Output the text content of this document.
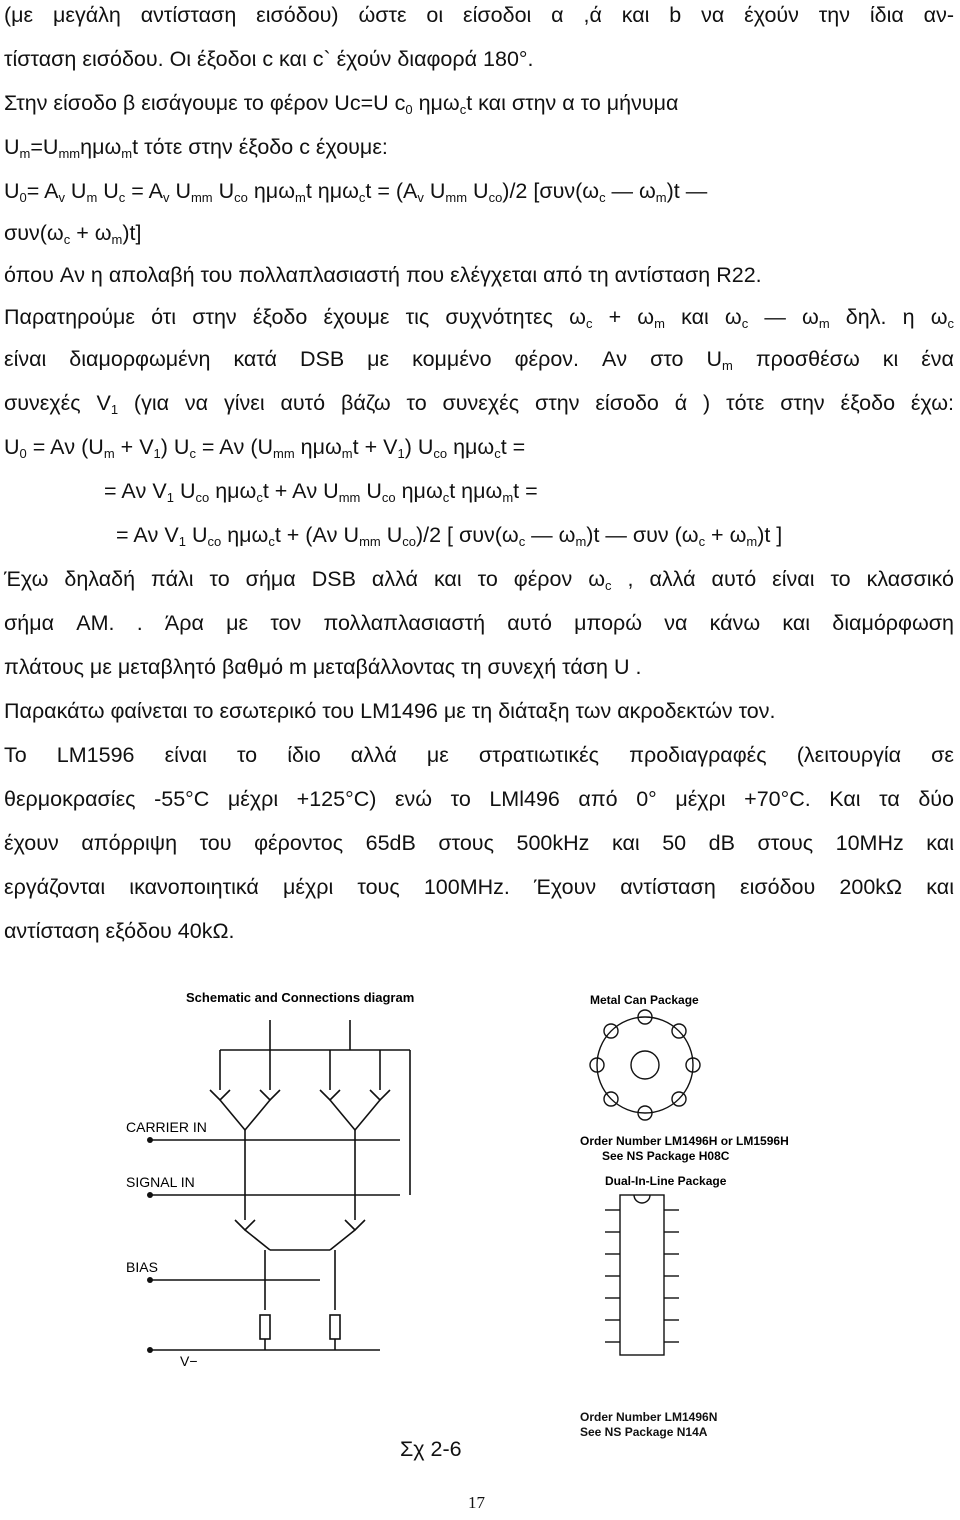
(με μεγάλη αντίσταση εισόδου) ώστε οι είσοδοι α ,ά και b να έχούν την ίδια αν-
τίσταση εισόδου. Οι έξοδοι c και c` έχούν διαφορά 180°.
Στην είσοδο β εισάγουμε το φέρον Uc=U $c_0$ ημω$_c$t και στην α το μήνυμα
$U_m=U_{mm}\eta\mu\omega_mt$ τότε στην έξοδο c έχουμε:
$U_0= A_v$ $U_m$ $U_c = A_v$ $U_{mm}$ $U_{co}$ ημω$_m$t $\eta\mu\omega_ct = (A_v$ $U_{mm}$ $U_{co})/2$ [$\sigma\upsilon\nu(\omega_c$ — $\omega_m)t$ —
$\sigma\upsilon\nu(\omega_c + \omega_m)t$]
όπου Aν η απολαβή του πολλαπλασιαστή που ελέγχεται από τη αντίσταση R22.
Παρατηρούμε ότι στην έξοδο έχουμε τις συχνότητες $\omega_c + \omega_m$ και $\omega_c$ — $\omega_m$ δηλ. η $\omega_c$
είναι διαμορφωμένη κατά DSB με κομμένο φέρον. Aν στο $U_m$ προσθέσω κι ένα
συνεχές $V_1$ (για να γίνει αυτό βάζω το συνεχές στην είσοδο ά ) τότε στην έξοδο έχω:
$U_0 = A\nu$ $(U_m + V_1) U_c = A\nu$ ($U_{mm}$ $\eta\mu\omega_mt + V_1$) $U_{co}$ ημω$_c$t =
= Aν $V_1$ $U_{co}$ ημω$_c$t + Aν $U_{mm}$ $U_{co}$ ημω$_c$t ημω$_m$t =
= Aν $V_1$ $U_{co}$ ημω$_c$t + (Aν $U_{mm}$ $U_{co})/2$ [ $\sigma\upsilon\nu(\omega_c$ — $\omega_m)t$ — συν $(\omega_c + \omega_m)t$ ]
Έχω δηλαδή πάλι το σήμα DSB αλλά και το φέρον $\omega_c$ , αλλά αυτό είναι το κλασσικό
σήμα AM. . Άρα με τον πολλαπλασιαστή αυτό μπορώ να κάνω και διαμόρφωση
πλάτους με μεταβλητό βαθμό m μεταβάλλοντας τη συνεχή τάση U .
Παρακάτω φαίνεται το εσωτερικό του LM1496 με τη διάταξη των ακροδεκτών τον.
Το LM1596 είναι το ίδιο αλλά με στρατιωτικές προδιαγραφές (λειτουργία σε
θερμοκρασίες -55°C μέχρι +125°C) ενώ το LMl496 από 0° μέχρι +70°C. Και τα δύο
έχουν απόρριψη του φέροντος 65dB στους 500kHz και 50 dB στους 10MHz και
εργάζονται ικανοποιητικά μέχρι τους 100MHz. Έχουν αντίσταση εισόδου 200kΩ και
αντίσταση εξόδου 40kΩ.
Schematic and Connections diagram
CARRIER IN
SIGNAL IN
BIAS
V−
Metal Can Package
Order Number LM1496H or LM1596H
See NS Package H08C
Dual-In-Line Package
Order Number LM1496N
See NS Package N14A
Σχ 2-6
17
